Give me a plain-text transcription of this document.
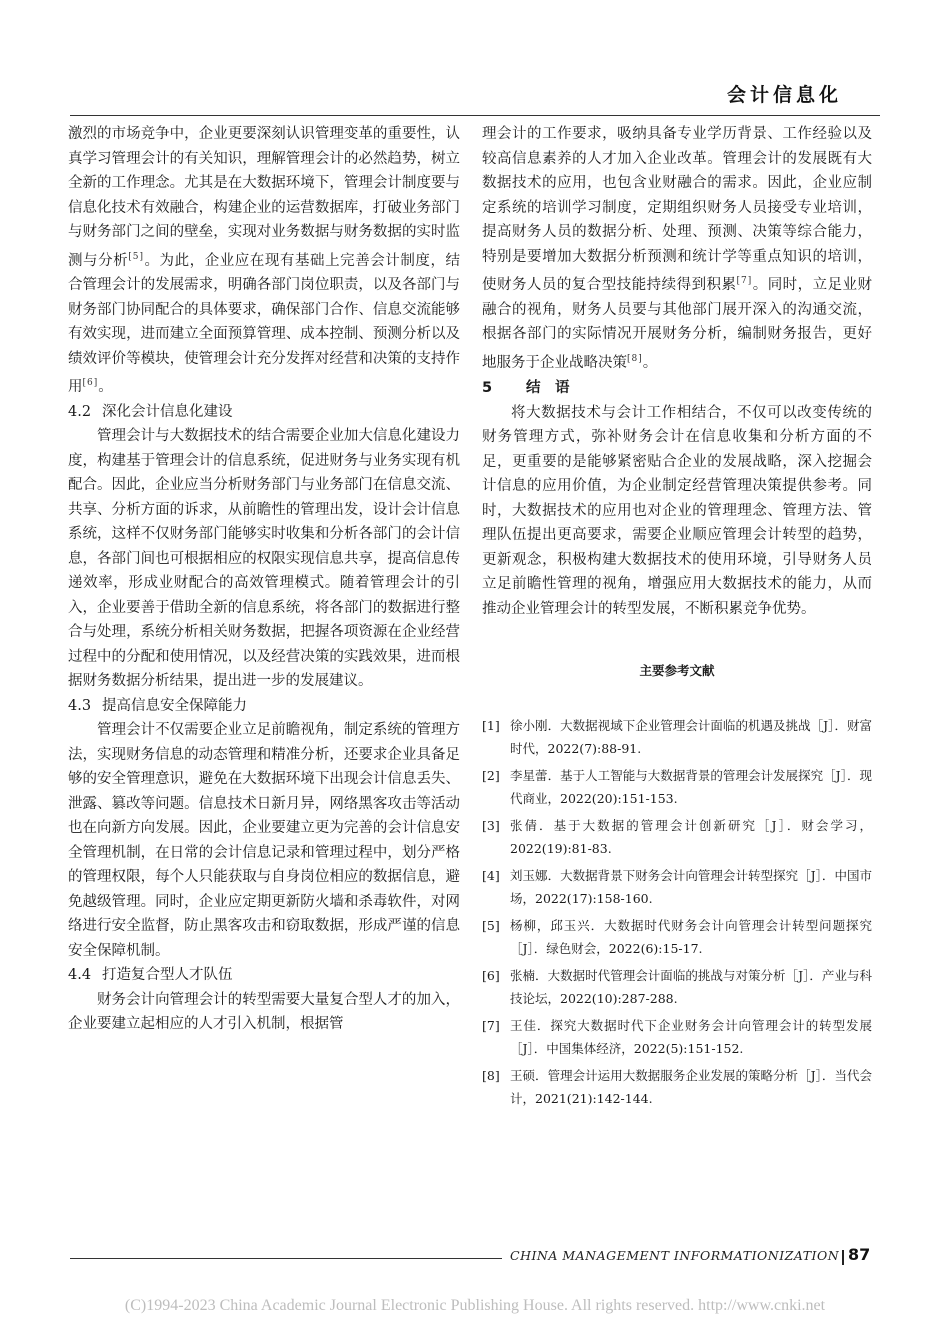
会计信息化

激烈的市场竞争中，企业更要深刻认识管理变革的重要性，认真学习管理会计的有关知识，理解管理会计的必然趋势，树立全新的工作理念。尤其是在大数据环境下，管理会计制度要与信息化技术有效融合，构建企业的运营数据库，打破业务部门与财务部门之间的壁垒，实现对业务数据与财务数据的实时监测与分析[5]。为此，企业应在现有基础上完善会计制度，结合管理会计的发展需求，明确各部门岗位职责，以及各部门与财务部门协同配合的具体要求，确保部门合作、信息交流能够有效实现，进而建立全面预算管理、成本控制、预测分析以及绩效评价等模块，使管理会计充分发挥对经营和决策的支持作用[6]。

4.2 深化会计信息化建设

管理会计与大数据技术的结合需要企业加大信息化建设力度，构建基于管理会计的信息系统，促进财务与业务实现有机配合。因此，企业应当分析财务部门与业务部门在信息交流、共享、分析方面的诉求，从前瞻性的管理出发，设计会计信息系统，这样不仅财务部门能够实时收集和分析各部门的会计信息，各部门间也可根据相应的权限实现信息共享，提高信息传递效率，形成业财配合的高效管理模式。随着管理会计的引入，企业要善于借助全新的信息系统，将各部门的数据进行整合与处理，系统分析相关财务数据，把握各项资源在企业经营过程中的分配和使用情况，以及经营决策的实践效果，进而根据财务数据分析结果，提出进一步的发展建议。

4.3 提高信息安全保障能力

管理会计不仅需要企业立足前瞻视角，制定系统的管理方法，实现财务信息的动态管理和精准分析，还要求企业具备足够的安全管理意识，避免在大数据环境下出现会计信息丢失、泄露、篡改等问题。信息技术日新月异，网络黑客攻击等活动也在向新方向发展。因此，企业要建立更为完善的会计信息安全管理机制，在日常的会计信息记录和管理过程中，划分严格的管理权限，每个人只能获取与自身岗位相应的数据信息，避免越级管理。同时，企业应定期更新防火墙和杀毒软件，对网络进行安全监督，防止黑客攻击和窃取数据，形成严谨的信息安全保障机制。

4.4 打造复合型人才队伍

财务会计向管理会计的转型需要大量复合型人才的加入，企业要建立起相应的人才引入机制，根据管

理会计的工作要求，吸纳具备专业学历背景、工作经验以及较高信息素养的人才加入企业改革。管理会计的发展既有大数据技术的应用，也包含业财融合的需求。因此，企业应制定系统的培训学习制度，定期组织财务人员接受专业培训，提高财务人员的数据分析、处理、预测、决策等综合能力，特别是要增加大数据分析预测和统计学等重点知识的培训，使财务人员的复合型技能持续得到积累[7]。同时，立足业财融合的视角，财务人员要与其他部门展开深入的沟通交流，根据各部门的实际情况开展财务分析，编制财务报告，更好地服务于企业战略决策[8]。

5 结　语

将大数据技术与会计工作相结合，不仅可以改变传统的财务管理方式，弥补财务会计在信息收集和分析方面的不足，更重要的是能够紧密贴合企业的发展战略，深入挖掘会计信息的应用价值，为企业制定经营管理决策提供参考。同时，大数据技术的应用也对企业的管理理念、管理方法、管理队伍提出更高要求，需要企业顺应管理会计转型的趋势，更新观念，积极构建大数据技术的使用环境，引导财务人员立足前瞻性管理的视角，增强应用大数据技术的能力，从而推动企业管理会计的转型发展，不断积累竞争优势。

主要参考文献
[1] 徐小刚．大数据视域下企业管理会计面临的机遇及挑战［J］．财富时代，2022(7):88-91.
[2] 李星蕾．基于人工智能与大数据背景的管理会计发展探究［J］．现代商业，2022(20):151-153.
[3] 张倩．基于大数据的管理会计创新研究［J］．财会学习，2022(19):81-83.
[4] 刘玉娜．大数据背景下财务会计向管理会计转型探究［J］．中国市场，2022(17):158-160.
[5] 杨柳，邱玉兴．大数据时代财务会计向管理会计转型问题探究［J］．绿色财会，2022(6):15-17.
[6] 张楠．大数据时代管理会计面临的挑战与对策分析［J］．产业与科技论坛，2022(10):287-288.
[7] 王佳．探究大数据时代下企业财务会计向管理会计的转型发展［J］．中国集体经济，2022(5):151-152.
[8] 王硕．管理会计运用大数据服务企业发展的策略分析［J］．当代会计，2021(21):142-144.
CHINA MANAGEMENT INFORMATIONIZATION 87
(C)1994-2023 China Academic Journal Electronic Publishing House. All rights reserved. http://www.cnki.net
